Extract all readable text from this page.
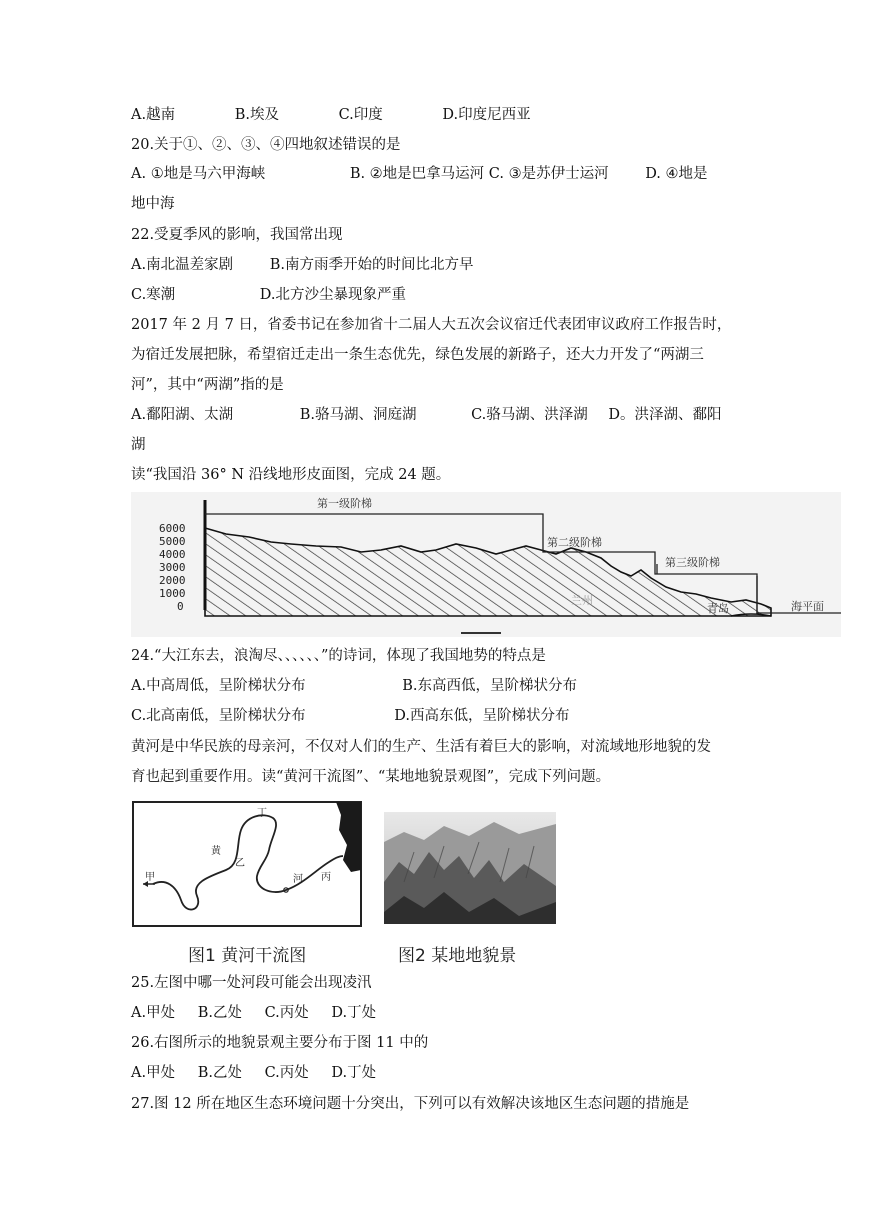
A.越南	B.埃及	C.印度	D.印度尼西亚
20.关于①、②、③、④四地叙述错误的是
A. ①地是马六甲海峡	B. ②地是巴拿马运河 C. ③是苏伊士运河	D. ④地是
地中海
22.受夏季风的影响，我国常出现
A.南北温差家剧	B.南方雨季开始的时间比北方早
C.寒潮	D.北方沙尘暴现象严重
2017 年 2 月 7 日，省委书记在参加省十二届人大五次会议宿迁代表团审议政府工作报告时，
为宿迁发展把脉，希望宿迁走出一条生态优先，绿色发展的新路子，还大力开发了“两湖三
河”，其中“两湖”指的是
A.鄱阳湖、太湖	B.骆马湖、洞庭湖	C.骆马湖、洪泽湖 D。洪泽湖、鄱阳
湖
读“我国沿 36° N 沿线地形皮面图，完成 24 题。
6000
5000
4000
3000
2000
1000
0
第一级阶梯
第二级阶梯
第三级阶梯
兰州
青岛	海平面
24.“大江东去，浪淘尽、、、、、、”的诗词，体现了我国地势的特点是
A.中高周低，呈阶梯状分布	B.东高西低，呈阶梯状分布
C.北高南低，呈阶梯状分布	D.西高东低，呈阶梯状分布
黄河是中华民族的母亲河，不仅对人们的生产、生活有着巨大的影响，对流域地形地貌的发
育也起到重要作用。读“黄河干流图”、“某地地貌景观图”，完成下列问题。
甲
乙
丙
丁
黄
河
图1 黄河干流图	图2 某地地貌景
25.左图中哪一处河段可能会出现凌汛
A.甲处 B.乙处 C.丙处 D.丁处
26.右图所示的地貌景观主要分布于图 11 中的
A.甲处 B.乙处 C.丙处 D.丁处
27.图 12 所在地区生态环境问题十分突出，下列可以有效解决该地区生态问题的措施是
